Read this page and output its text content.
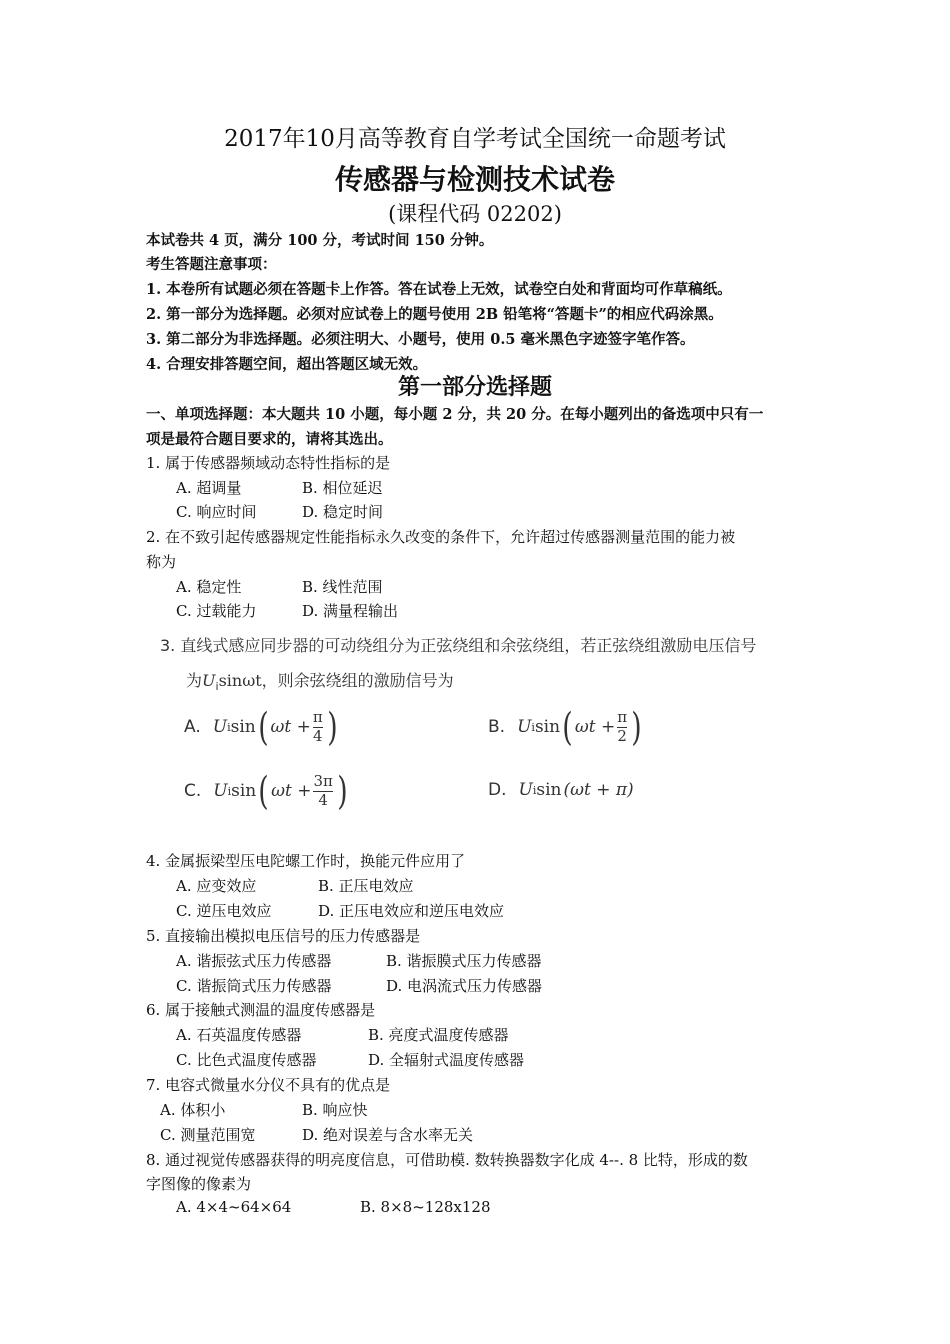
2017年10月高等教育自学考试全国统一命题考试
传感器与检测技术试卷
(课程代码 02202)
本试卷共 4 页，满分 100 分，考试时间 150 分钟。
考生答题注意事项：
1. 本卷所有试题必须在答题卡上作答。答在试卷上无效，试卷空白处和背面均可作草稿纸。
2. 第一部分为选择题。必须对应试卷上的题号使用 2B 铅笔将“答题卡”的相应代码涂黑。
3. 第二部分为非选择题。必须注明大、小题号，使用 0.5 毫米黑色字迹签字笔作答。
4. 合理安排答题空间，超出答题区域无效。
第一部分选择题
一、单项选择题：本大题共 10 小题，每小题 2 分，共 20 分。在每小题列出的备选项中只有一
项是最符合题目要求的，请将其选出。
1. 属于传感器频域动态特性指标的是
A. 超调量	B. 相位延迟
C. 响应时间	D. 稳定时间
2. 在不致引起传感器规定性能指标永久改变的条件下，允许超过传感器测量范围的能力被
称为
A. 稳定性	B. 线性范围
C. 过载能力	D. 满量程输出
3. 直线式感应同步器的可动绕组分为正弦绕组和余弦绕组，若正弦绕组激励电压信号
为$U_i\sin\omega t$，则余弦绕组的激励信号为
A. U i sin ( $\omega t + \frac{\pi}{4}$ )	B. U i sin ( $\omega t + \frac{\pi}{2}$ )
C. U i sin ( $\omega t + \frac{3\pi}{4}$ )	D. U i sin (ωt + π)
4. 金属振梁型压电陀螺工作时，换能元件应用了
A. 应变效应	B. 正压电效应
C. 逆压电效应	D. 正压电效应和逆压电效应
5. 直接输出模拟电压信号的压力传感器是
A. 谐振弦式压力传感器	B. 谐振膜式压力传感器
C. 谐振筒式压力传感器	D. 电涡流式压力传感器
6. 属于接触式测温的温度传感器是
A. 石英温度传感器	B. 亮度式温度传感器
C. 比色式温度传感器	D. 全辐射式温度传感器
7. 电容式微量水分仪不具有的优点是
A. 体积小	B. 响应快
C. 测量范围宽	D. 绝对误差与含水率无关
8. 通过视觉传感器获得的明亮度信息，可借助模. 数转换器数字化成 4--. 8 比特，形成的数
字图像的像素为
A. 4×4~64×64	B. 8×8~128x128
